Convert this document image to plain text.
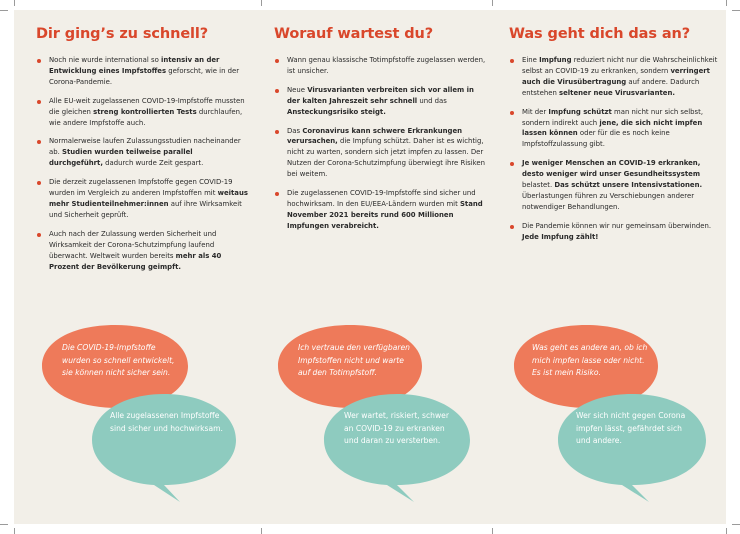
Dir ging’s zu schnell?
Noch nie wurde international so intensiv an der Entwicklung eines Impfstoffes geforscht, wie in der Corona-Pandemie.
Alle EU-weit zugelassenen COVID-19-Impfstoffe mussten die gleichen streng kontrollierten Tests durchlaufen, wie andere Impfstoffe auch.
Normalerweise laufen Zulassungsstudien nacheinander ab. Studien wurden teilweise parallel durchgeführt, dadurch wurde Zeit gespart.
Die derzeit zugelassenen Impfstoffe gegen COVID-19 wurden im Vergleich zu anderen Impfstoffen mit weitaus mehr Studienteilnehmer:innen auf ihre Wirksamkeit und Sicherheit geprüft.
Auch nach der Zulassung werden Sicherheit und Wirksamkeit der Corona-Schutzimpfung laufend überwacht. Weltweit wurden bereits mehr als 40 Prozent der Bevölkerung geimpft.
Worauf wartest du?
Wann genau klassische Totimpfstoffe zugelassen werden, ist unsicher.
Neue Virusvarianten verbreiten sich vor allem in der kalten Jahreszeit sehr schnell und das Ansteckungsrisiko steigt.
Das Coronavirus kann schwere Erkrankungen verursachen, die Impfung schützt. Daher ist es wichtig, nicht zu warten, sondern sich jetzt impfen zu lassen. Der Nutzen der Corona-Schutzimpfung überwiegt ihre Risiken bei weitem.
Die zugelassenen COVID-19-Impfstoffe sind sicher und hochwirksam. In den EU/EEA-Ländern wurden mit Stand November 2021 bereits rund 600 Millionen Impfungen verabreicht.
Was geht dich das an?
Eine Impfung reduziert nicht nur die Wahrscheinlichkeit selbst an COVID-19 zu erkranken, sondern verringert auch die Virusübertragung auf andere. Dadurch entstehen seltener neue Virusvarianten.
Mit der Impfung schützt man nicht nur sich selbst, sondern indirekt auch jene, die sich nicht impfen lassen können oder für die es noch keine Impfstoffzulassung gibt.
Je weniger Menschen an COVID-19 erkranken, desto weniger wird unser Gesundheitssystem belastet. Das schützt unsere Intensivstationen. Überlastungen führen zu Verschiebungen anderer notwendiger Behandlungen.
Die Pandemie können wir nur gemeinsam überwinden. Jede Impfung zählt!
Die COVID-19-Impfstoffe wurden so schnell entwickelt, sie können nicht sicher sein.
Alle zugelassenen Impfstoffe sind sicher und hochwirksam.
Ich vertraue den verfügbaren Impfstoffen nicht und warte auf den Totimpfstoff.
Wer wartet, riskiert, schwer an COVID-19 zu erkranken und daran zu versterben.
Was geht es andere an, ob ich mich impfen lasse oder nicht. Es ist mein Risiko.
Wer sich nicht gegen Corona impfen lässt, gefährdet sich und andere.
